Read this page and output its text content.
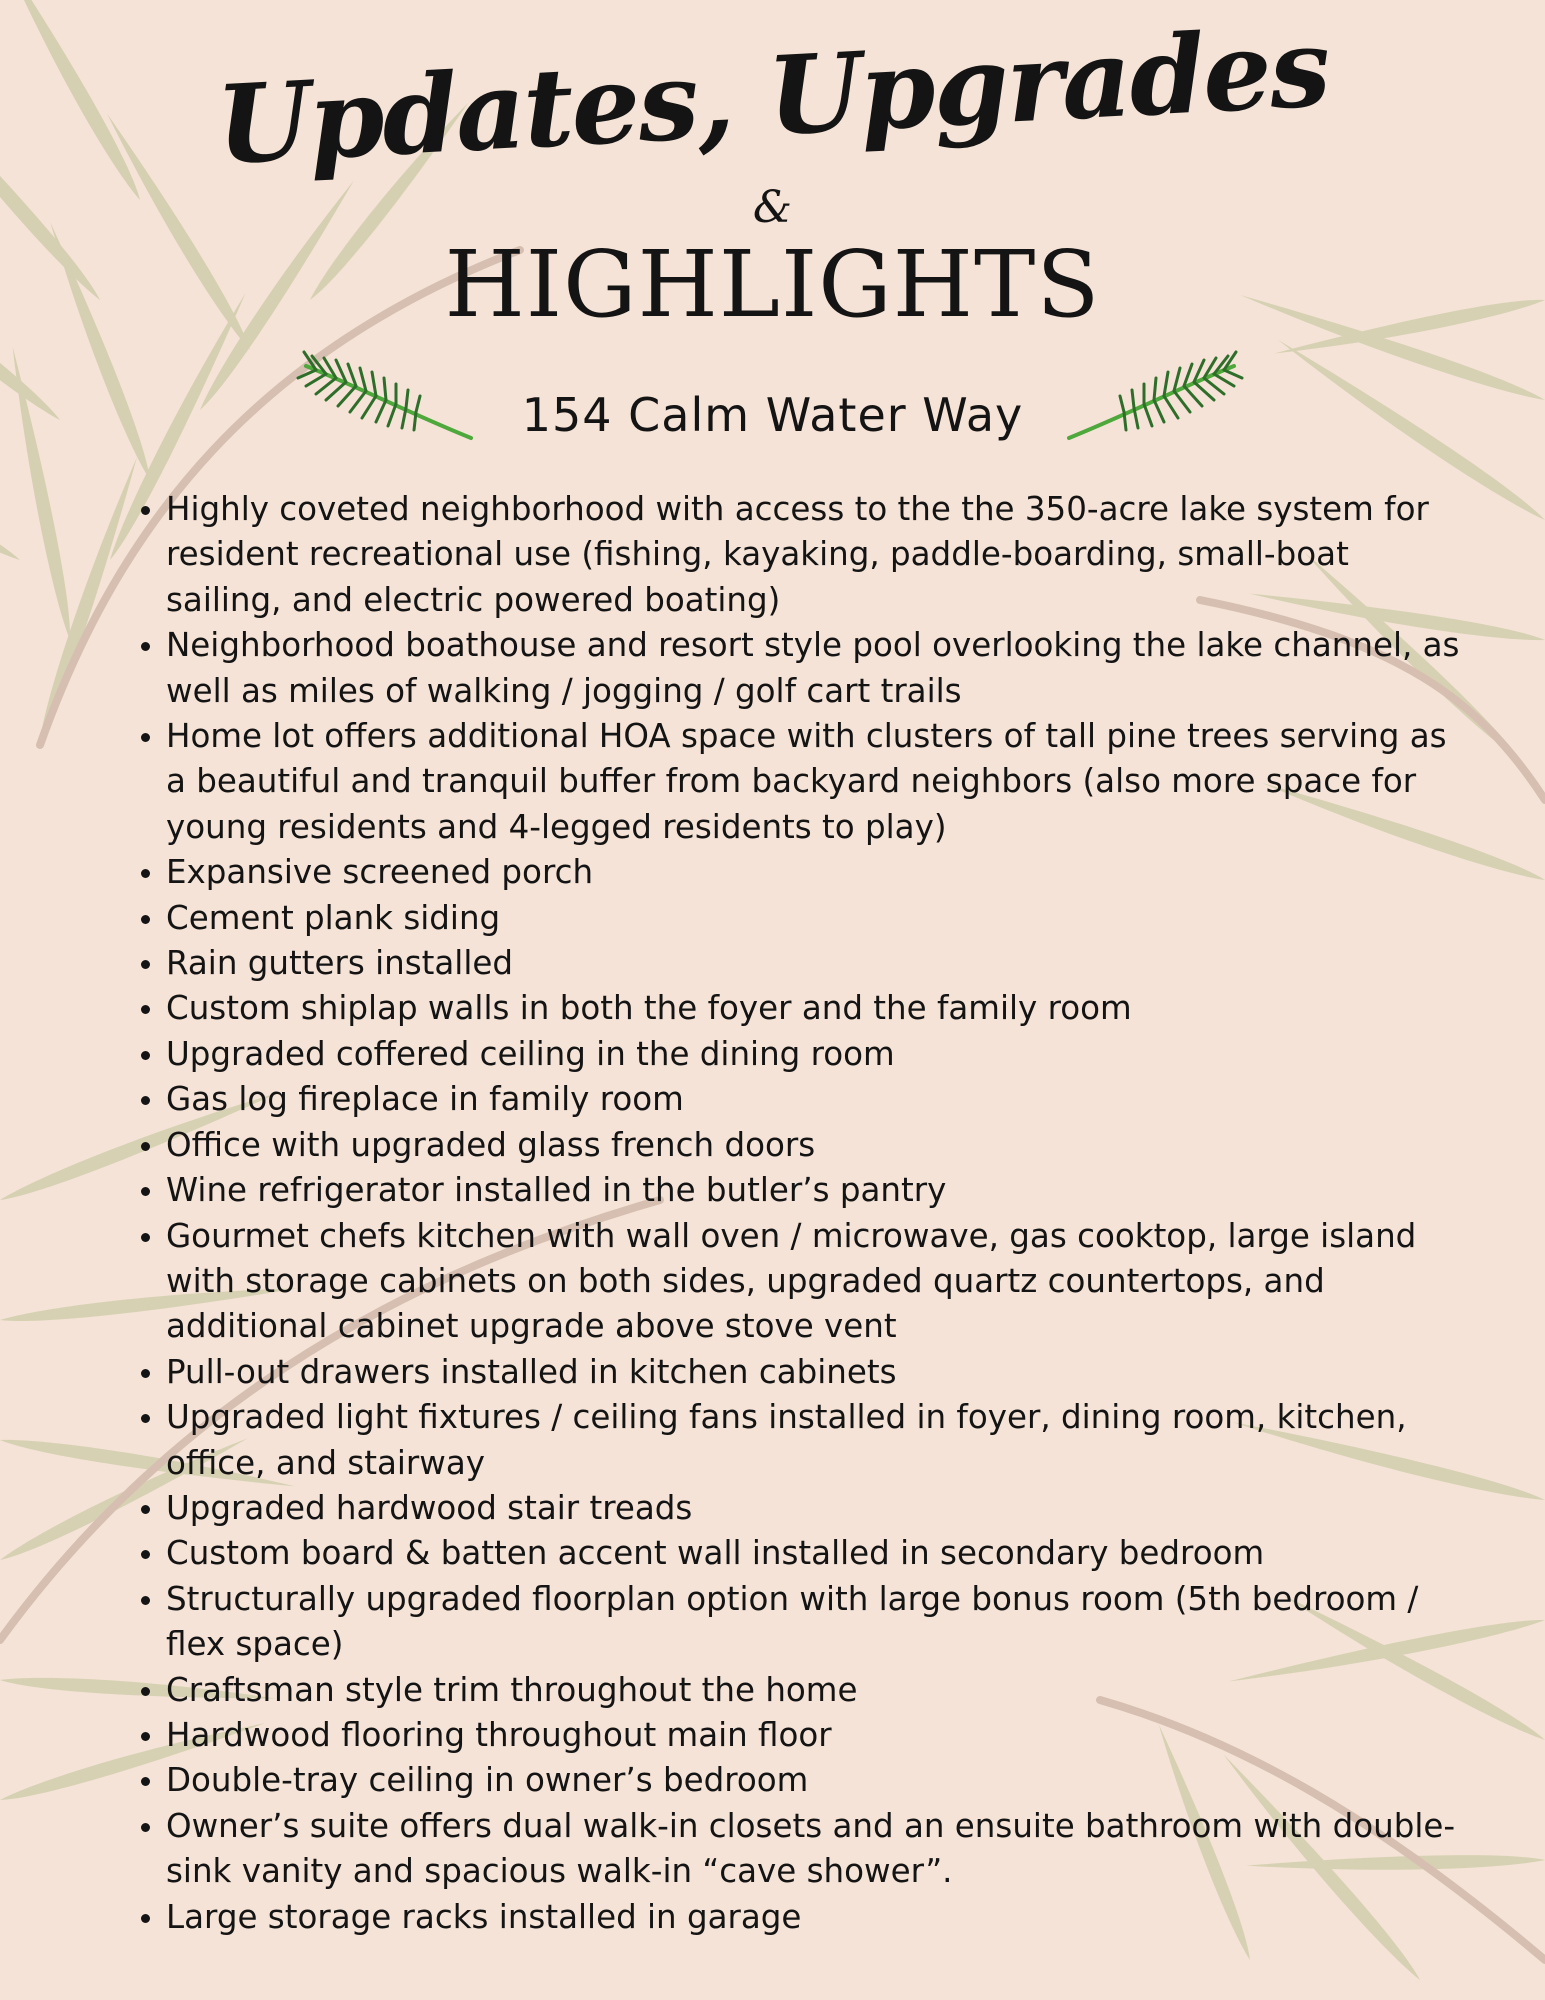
Updates, Upgrades
&
HIGHLIGHTS
154 Calm Water Way
• Highly coveted neighborhood with access to the the 350-acre lake system for resident recreational use (fishing, kayaking, paddle-boarding, small-boat sailing, and electric powered boating)
• Neighborhood boathouse and resort style pool overlooking the lake channel, as well as miles of walking / jogging / golf cart trails
• Home lot offers additional HOA space with clusters of tall pine trees serving as a beautiful and tranquil buffer from backyard neighbors (also more space for young residents and 4-legged residents to play)
• Expansive screened porch
• Cement plank siding
• Rain gutters installed
• Custom shiplap walls in both the foyer and the family room
• Upgraded coffered ceiling in the dining room
• Gas log fireplace in family room
• Office with upgraded glass french doors
• Wine refrigerator installed in the butler’s pantry
• Gourmet chefs kitchen with wall oven / microwave, gas cooktop, large island with storage cabinets on both sides, upgraded quartz countertops, and additional cabinet upgrade above stove vent
• Pull-out drawers installed in kitchen cabinets
• Upgraded light fixtures / ceiling fans installed in foyer, dining room, kitchen, office, and stairway
• Upgraded hardwood stair treads
• Custom board & batten accent wall installed in secondary bedroom
• Structurally upgraded floorplan option with large bonus room (5th bedroom / flex space)
• Craftsman style trim throughout the home
• Hardwood flooring throughout main floor
• Double-tray ceiling in owner’s bedroom
• Owner’s suite offers dual walk-in closets and an ensuite bathroom with double-sink vanity and spacious walk-in “cave shower”.
• Large storage racks installed in garage
